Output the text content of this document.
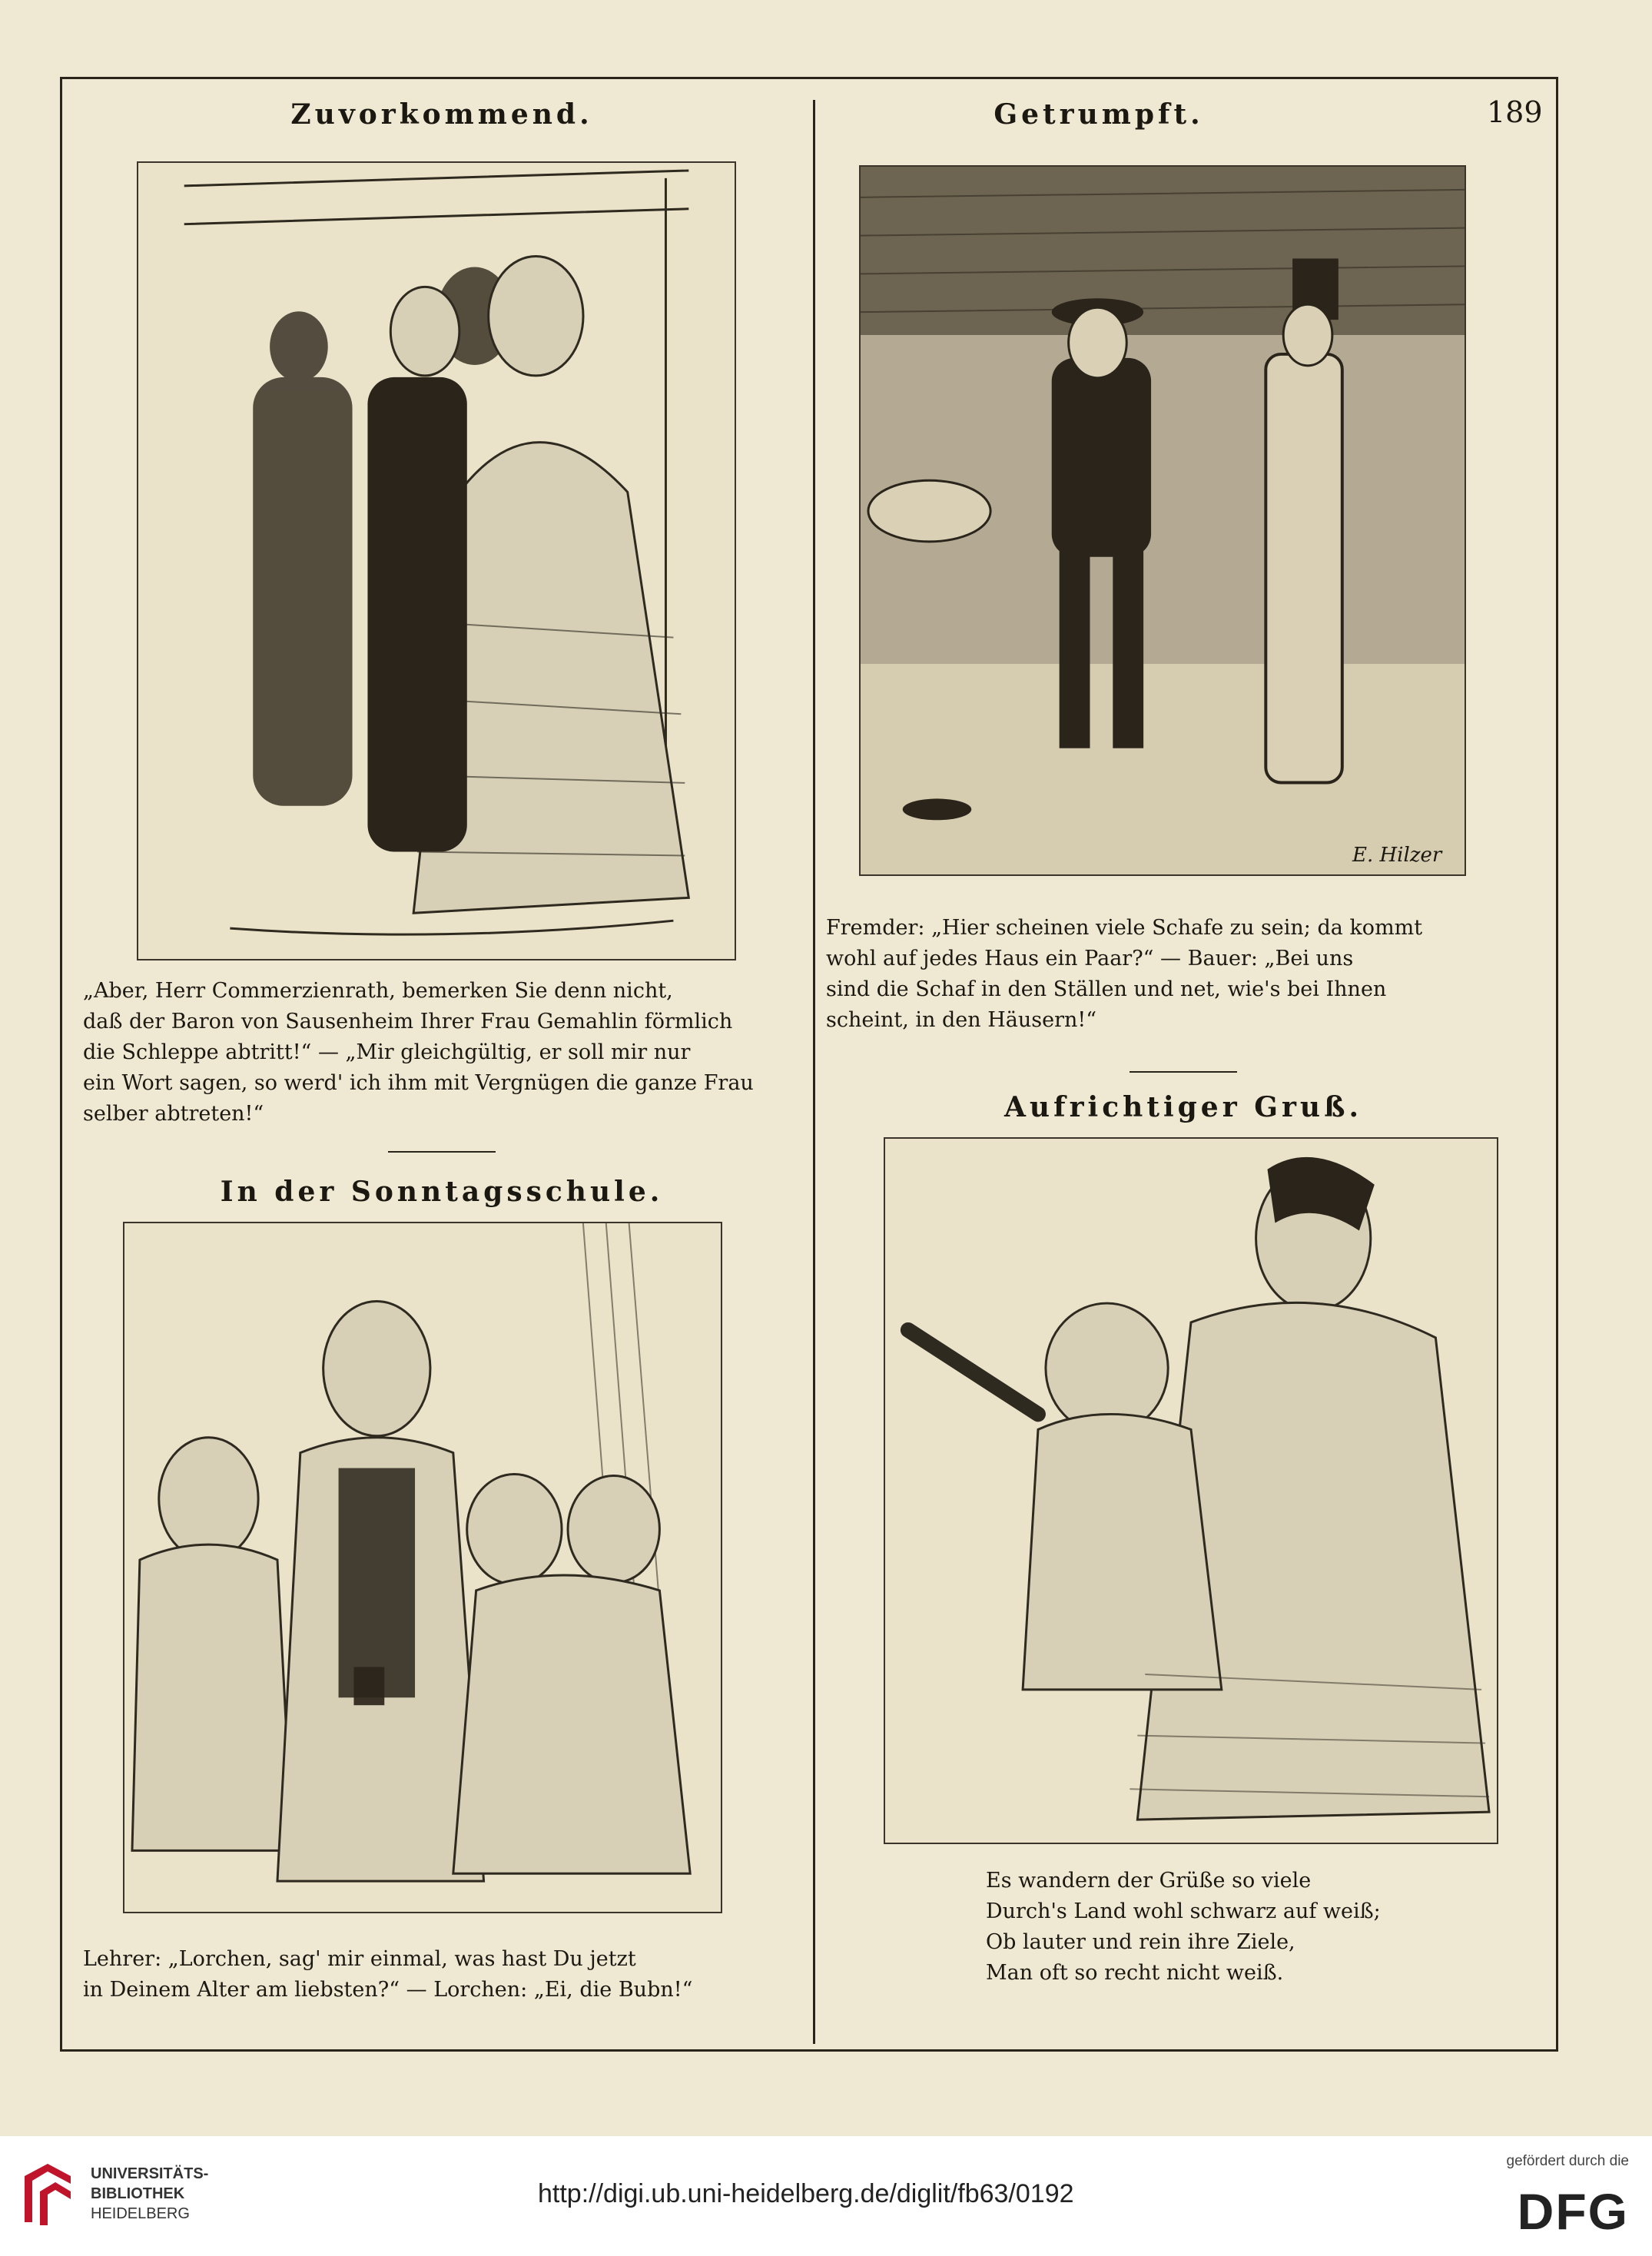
Zuvorkommend.
„Aber, Herr Commerzienrath, bemerken Sie denn nicht,
daß der Baron von Sausenheim Ihrer Frau Gemahlin förmlich
die Schleppe abtritt!“ — „Mir gleichgültig, er soll mir nur
ein Wort sagen, so werd' ich ihm mit Vergnügen die ganze Frau
selber abtreten!“
In der Sonntagsschule.
Lehrer: „Lorchen, sag' mir einmal, was hast Du jetzt
in Deinem Alter am liebsten?“ — Lorchen: „Ei, die Bubn!“
Getrumpft.	189
E. Hilzer
Fremder: „Hier scheinen viele Schafe zu sein; da kommt
wohl auf jedes Haus ein Paar?“ — Bauer: „Bei uns
sind die Schaf in den Ställen und net, wie's bei Ihnen
scheint, in den Häusern!“
Aufrichtiger Gruß.
Es wandern der Grüße so viele
Durch's Land wohl schwarz auf weiß;
Ob lauter und rein ihre Ziele,
Man oft so recht nicht weiß.
UNIVERSITÄTS-
BIBLIOTHEK
HEIDELBERG
http://digi.ub.uni-heidelberg.de/diglit/fb63/0192
gefördert durch die
DFG
